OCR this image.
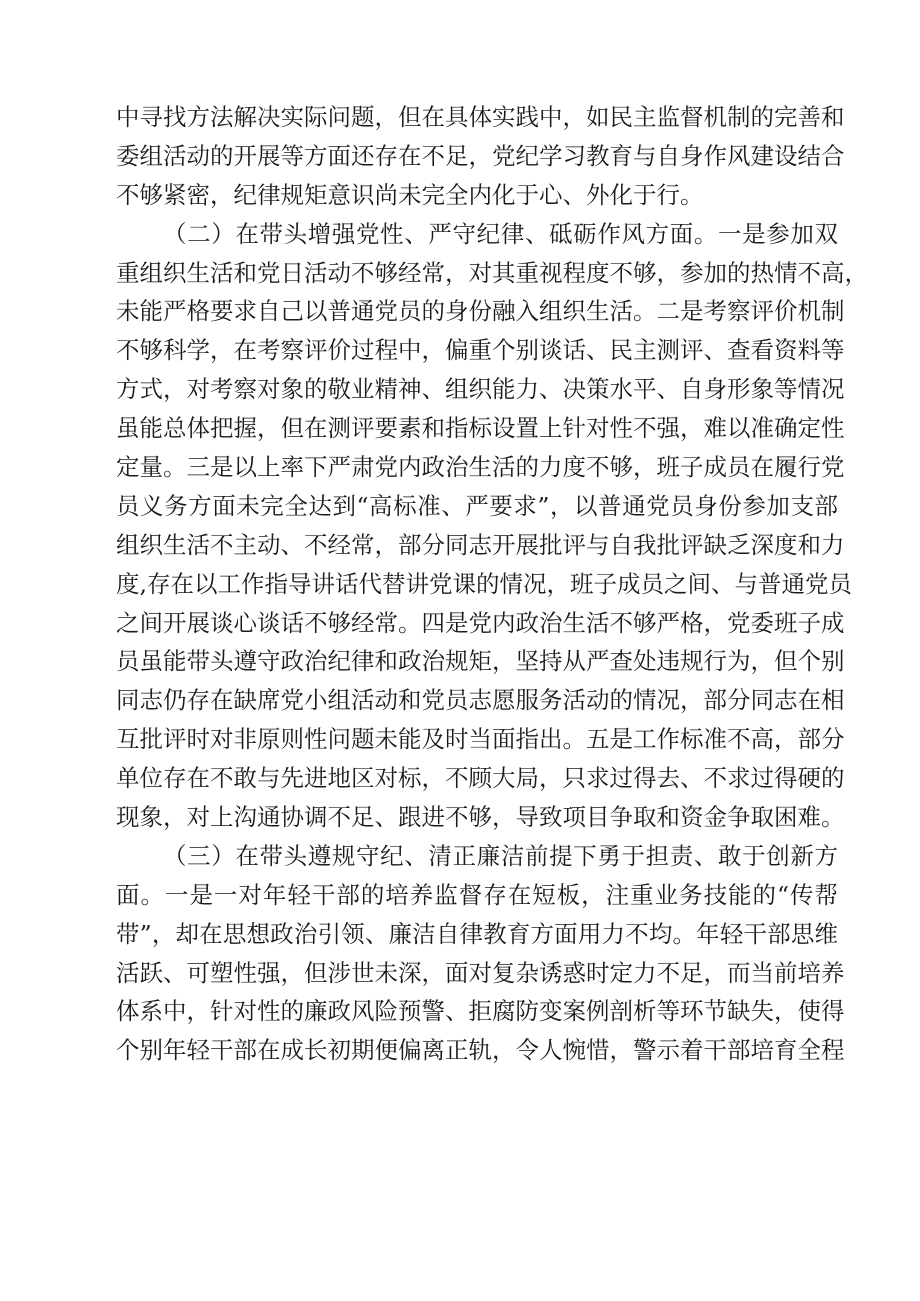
中寻找方法解决实际问题，但在具体实践中，如民主监督机制的完善和
委组活动的开展等方面还存在不足，党纪学习教育与自身作风建设结合
不够紧密，纪律规矩意识尚未完全内化于心、外化于行。
（二）在带头增强党性、严守纪律、砥砺作风方面。一是参加双
重组织生活和党日活动不够经常，对其重视程度不够，参加的热情不高，
未能严格要求自己以普通党员的身份融入组织生活。二是考察评价机制
不够科学，在考察评价过程中，偏重个别谈话、民主测评、查看资料等
方式，对考察对象的敬业精神、组织能力、决策水平、自身形象等情况
虽能总体把握，但在测评要素和指标设置上针对性不强，难以准确定性
定量。三是以上率下严肃党内政治生活的力度不够，班子成员在履行党
员义务方面未完全达到“高标准、严要求”，以普通党员身份参加支部
组织生活不主动、不经常，部分同志开展批评与自我批评缺乏深度和力
度,存在以工作指导讲话代替讲党课的情况，班子成员之间、与普通党员
之间开展谈心谈话不够经常。四是党内政治生活不够严格，党委班子成
员虽能带头遵守政治纪律和政治规矩，坚持从严查处违规行为，但个别
同志仍存在缺席党小组活动和党员志愿服务活动的情况，部分同志在相
互批评时对非原则性问题未能及时当面指出。五是工作标准不高，部分
单位存在不敢与先进地区对标，不顾大局，只求过得去、不求过得硬的
现象，对上沟通协调不足、跟进不够，导致项目争取和资金争取困难。
（三）在带头遵规守纪、清正廉洁前提下勇于担责、敢于创新方
面。一是一对年轻干部的培养监督存在短板，注重业务技能的“传帮
带”，却在思想政治引领、廉洁自律教育方面用力不均。年轻干部思维
活跃、可塑性强，但涉世未深，面对复杂诱惑时定力不足，而当前培养
体系中，针对性的廉政风险预警、拒腐防变案例剖析等环节缺失，使得
个别年轻干部在成长初期便偏离正轨，令人惋惜，警示着干部培育全程
